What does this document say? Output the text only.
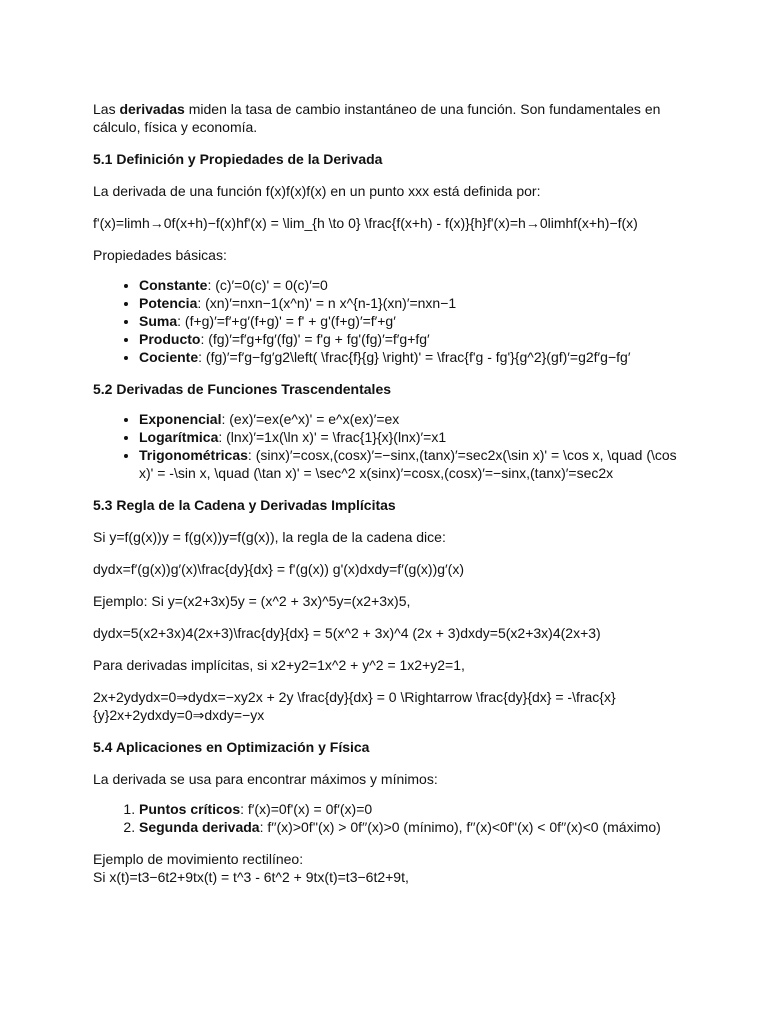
Las derivadas miden la tasa de cambio instantáneo de una función. Son fundamentales en cálculo, física y economía.

5.1 Definición y Propiedades de la Derivada

La derivada de una función f(x)f(x)f(x) en un punto xxx está definida por:

f'(x)=limh→0f(x+h)−f(x)hf'(x) = \lim_{h \to 0} \frac{f(x+h) - f(x)}{h}f'(x)=h→0limhf(x+h)−f(x)

Propiedades básicas:

• Constante: (c)′=0(c)' = 0(c)′=0
• Potencia: (xn)′=nxn−1(x^n)' = n x^{n-1}(xn)′=nxn−1
• Suma: (f+g)′=f′+g′(f+g)' = f' + g'(f+g)′=f′+g′
• Producto: (fg)′=f′g+fg′(fg)' = f'g + fg'(fg)′=f′g+fg′
• Cociente: (fg)′=f′g−fg′g2\left( \frac{f}{g} \right)' = \frac{f'g - fg'}{g^2}(gf)′=g2f′g−fg′
5.2 Derivadas de Funciones Trascendentales
• Exponencial: (ex)′=ex(e^x)' = e^x(ex)′=ex
• Logarítmica: (lnx)′=1x(\ln x)' = \frac{1}{x}(lnx)′=x1
• Trigonométricas: (sinx)′=cosx,(cosx)′=−sinx,(tanx)′=sec2x(\sin x)' = \cos x, \quad (\cos x)' = -\sin x, \quad (\tan x)' = \sec^2 x(sinx)′=cosx,(cosx)′=−sinx,(tanx)′=sec2x
5.3 Regla de la Cadena y Derivadas Implícitas

Si y=f(g(x))y = f(g(x))y=f(g(x)), la regla de la cadena dice:

dydx=f′(g(x))g′(x)\frac{dy}{dx} = f'(g(x)) g'(x)dxdy=f′(g(x))g′(x)

Ejemplo: Si y=(x2+3x)5y = (x^2 + 3x)^5y=(x2+3x)5,

dydx=5(x2+3x)4(2x+3)\frac{dy}{dx} = 5(x^2 + 3x)^4 (2x + 3)dxdy=5(x2+3x)4(2x+3)

Para derivadas implícitas, si x2+y2=1x^2 + y^2 = 1x2+y2=1,

2x+2ydydx=0⇒dydx=−xy2x + 2y \frac{dy}{dx} = 0 \Rightarrow \frac{dy}{dx} = -\frac{x}{y}2x+2ydxdy=0⇒dxdy=−yx

5.4 Aplicaciones en Optimización y Física

La derivada se usa para encontrar máximos y mínimos:

1. Puntos críticos: f′(x)=0f'(x) = 0f′(x)=0
2. Segunda derivada: f′′(x)>0f''(x) > 0f′′(x)>0 (mínimo), f′′(x)<0f''(x) < 0f′′(x)<0 (máximo)

Ejemplo de movimiento rectilíneo:

Si x(t)=t3−6t2+9tx(t) = t^3 - 6t^2 + 9tx(t)=t3−6t2+9t,
